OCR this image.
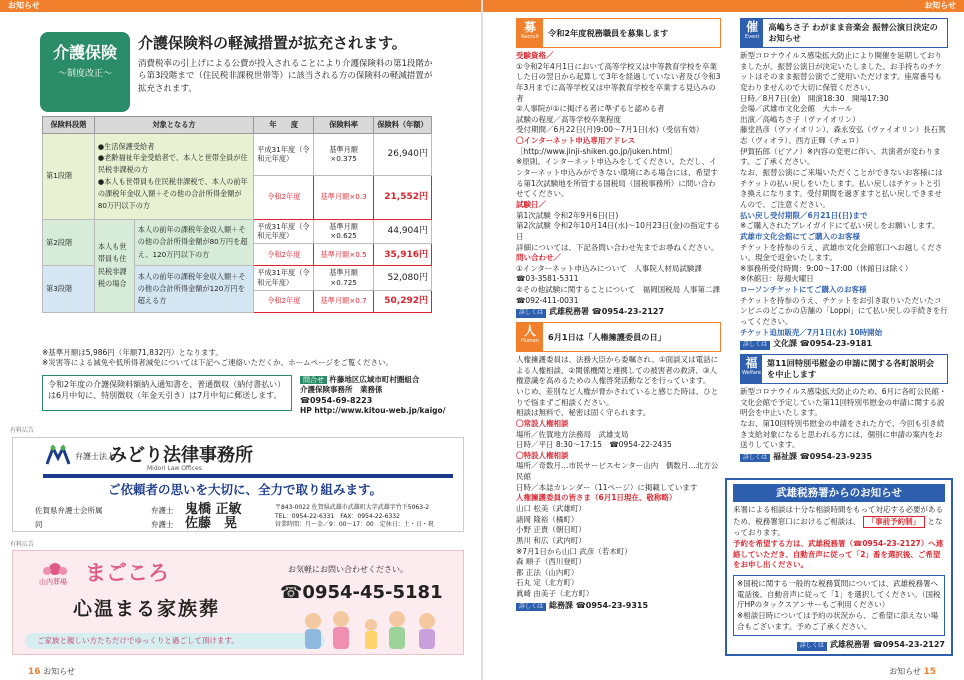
お知らせ	お知らせ
介護保険
～制度改正～
介護保険料の軽減措置が拡充されます。
消費税率の引上げによる公費が投入されることにより介護保険料の第1段階から第3段階まで（住民税非課税世帯等）に該当される方の保険料の軽減措置が拡充されます。
保険料段階	対象となる方		年　　度	保険料率	保険料（年額）
第1段階	●生活保護受給者
●老齢福祉年金受給者で、本人と世帯全員が住民税非課税の方
●本人も世帯員も住民税非課税で、本人の前年の課税年金収入額＋その他の合計所得金額が80万円以下の方		平成31年度（令和元年度）	基準月額×0.375	26,940円
			令和2年度	基準月額×0.3	21,552円
第2段階	本人も世帯員も住民税非課税の場合	本人の前年の課税年金収入額＋その他の合計所得金額が80万円を超え、120万円以下の方	平成31年度（令和元年度）	基準月額×0.625	44,904円
			令和2年度	基準月額×0.5	35,916円
第3段階		本人の前年の課税年金収入額＋その他の合計所得金額が120万円を超える方	平成31年度（令和元年度）	基準月額×0.725	52,080円
			令和2年度	基準月額×0.7	50,292円
※基準月額は5,986円（年額71,832円）となります。
※災害等による減免や低所得者減免については下記へご連絡いただくか、ホームページをご覧ください。
令和2年度の介護保険料額納入通知書を、普通徴収（納付書払い）は6月中旬に、特別徴収（年金天引き）は7月中旬に郵送します。
問合せ 杵藤地区広域市町村圏組合
介護保険事務所　業務係
☎0954-69-8223
HP http://www.kitou-web.jp/kaigo/
有料広告
弁護士法人
みどり法律事務所
Midori Law Offices
ご依頼者の思いを大切に、全力で取り組みます。
佐賀県弁護士会所属	弁護士 鬼橋 正敏
同	弁護士 佐藤　晃
〒843-0022 佐賀県武雄市武雄町大字武雄字竹下5063-2
TEL：0954-22-6331　FAX：0954-22-6332
営業時間：月～金／9：00～17：00　定休日：土・日・祝
有料広告
山内葬場 まごころ
心温まる家族葬
ご家族と親しい方たちだけでゆっくりと過ごして頂けます。
お気軽にお問い合わせください。
☎0954-45-5181
16 お知らせ	お知らせ 15
募
Recruit	令和2年度税務職員を募集します
受験資格／
①令和2年4月1日において高等学校又は中等教育学校を卒業した日の翌日から起算して3年を経過していない者及び令和3年3月までに高等学校又は中等教育学校を卒業する見込みの者
②人事院が①に掲げる者に準ずると認める者
試験の程度／高等学校卒業程度
受付期間／6月22日(月)9:00～7月1日(水)（受信有効）
〇インターネット申込専用アドレス
［http://www.jinji-shiken.go.jp/juken.html］
※原則、インターネット申込みをしてください。ただし、インターネット申込みができない環境にある場合には、希望する第1次試験地を所管する国税局（国税事務所）に問い合わせてください。
試験日／
第1次試験 令和2年9月6日(日)
第2次試験 令和2年10月14日(水)～10月23日(金)の指定する日
詳細については、下記各問い合わせ先までお尋ねください。
問い合わせ／
①インターネット申込みについて　人事院人材局試験課 ☎03-3581-5311
②その他試験に関することについて　福岡国税局 人事第二課 ☎092-411-0031
詳しくは 武雄税務署 ☎0954-23-2127
人
Human	6月1日は「人権擁護委員の日」
人権擁護委員は、法務大臣から委嘱され、①面談又は電話による人権相談、②関係機関と連携しての被害者の救済、③人権意識を高めるための人権啓発活動などを行っています。
いじめ、差別など人権が脅かされていると感じた時は、ひとりで悩まずご相談ください。
相談は無料で、秘密は固く守られます。
〇常設人権相談
場所／佐賀地方法務局　武雄支局
日時／平日 8:30～17:15　☎0954-22-2435
〇特設人権相談
場所／奇数月…市民サービスセンター山内　偶数月…北方公民館
日時／本誌カレンダー（11ページ）に掲載しています
人権擁護委員の皆さま（6月1日現在、敬称略）
山口 松美（武雄町）
諸岡 隆裕（橘町）
小野 正貴（朝日町）
黒川 和広（武内町）
※7月1日から山口 武彦（若木町）
森 順子（西川登町）
都 正法（山内町）
石丸 定（北方町）
眞崎 由美子（北方町）
詳しくは 総務課 ☎0954-23-9315
催
Event
高嶋ちさ子 わがまま音楽会 振替公演日決定のお知らせ
新型コロナウイルス感染拡大防止により開催を延期しておりましたが、振替公演日が決定いたしました。お手持ちのチケットはそのまま振替公演でご使用いただけます。座席番号も変わりませんので大切に保管ください。
日時／8月7日(金)　開演18:30　開場17:30
会場／武雄市文化会館　大ホール
出演／高嶋ちさ子（ヴァイオリン）
藤堂昌彦（ヴァイオリン）、森永安弘（ヴァイオリン）長石篤志（ヴィオラ）、西方正輝（チェロ）
伊賀拓郎（ピアノ）※内容の変更に伴い、共演者が変わります。ご了承ください。
なお、振替公演にご来場いただくことができないお客様にはチケットの払い戻しをいたします。払い戻しはチケットと引き換えになります。受付期間を過ぎますと払い戻しできませんので、ご注意ください。
払い戻し受付期限／6月21日(日)まで
※ご購入されたプレイガイドにて払い戻しをお願いします。
武雄市文化会館にてご購入のお客様
チケットを持参のうえ、武雄市文化会館窓口へお越しください。現金で返金いたします。
※事務所受付時間：9:00～17:00（休館日は除く）
※休館日：毎週火曜日
ローソンチケットにてご購入のお客様
チケットを持参のうえ、チケットをお引き取りいただいたコンビニのどこかの店舗の「Loppi」にて払い戻しの手続きを行ってください。
チケット追加販売／7月1日(水) 10時開始
詳しくは 文化課 ☎0954-23-9181
福
Welfare
第11回特別弔慰金の申請に関する各町説明会を中止します
新型コロナウイルス感染拡大防止のため、6月に各町公民館・文化会館で予定していた第11回特別弔慰金の申請に関する説明会を中止いたします。
なお、第10回特別弔慰金の申請をされた方で、今回も引き続き支給対象になると思われる方には、個別に申請の案内をお送りしています。
詳しくは 福祉課 ☎0954-23-9235
武雄税務署からのお知らせ
来署による相談は十分な相談時間をもって対応する必要があるため、税務署窓口におけるご相談は、 「事前予約制」 となっております。
予約を希望する方は、武雄税務署（☎0954-23-2127）へ連絡していただき、自動音声に従って「2」番を選択後、ご希望をお申し出ください。
※国税に関する一般的な税務質問については、武雄税務署へ電話後、自動音声に従って「1」を選択してください。（国税庁HPのタックスアンサーもご利用ください）
※相談日時については予約の状況から、ご希望に添えない場合もございます。予めご了承ください。
詳しくは 武雄税務署 ☎0954-23-2127
